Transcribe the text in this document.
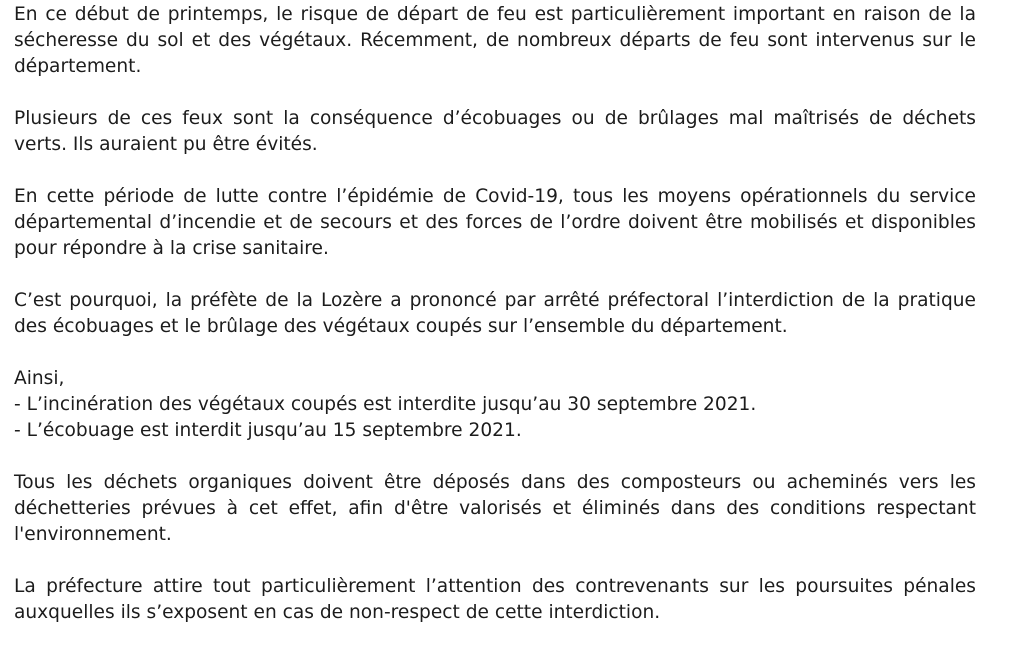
En ce début de printemps, le risque de départ de feu est particulièrement important en raison de la sécheresse du sol et des végétaux. Récemment, de nombreux départs de feu sont intervenus sur le département.

Plusieurs de ces feux sont la conséquence d’écobuages ou de brûlages mal maîtrisés de déchets verts. Ils auraient pu être évités.

En cette période de lutte contre l’épidémie de Covid-19, tous les moyens opérationnels du service départemental d’incendie et de secours et des forces de l’ordre doivent être mobilisés et disponibles pour répondre à la crise sanitaire.

C’est pourquoi, la préfète de la Lozère a prononcé par arrêté préfectoral l’interdiction de la pratique des écobuages et le brûlage des végétaux coupés sur l’ensemble du département.

Ainsi,
- L’incinération des végétaux coupés est interdite jusqu’au 30 septembre 2021.
- L’écobuage est interdit jusqu’au 15 septembre 2021.

Tous les déchets organiques doivent être déposés dans des composteurs ou acheminés vers les déchetteries prévues à cet effet, afin d'être valorisés et éliminés dans des conditions respectant l'environnement.

La préfecture attire tout particulièrement l’attention des contrevenants sur les poursuites pénales auxquelles ils s’exposent en cas de non-respect de cette interdiction.
